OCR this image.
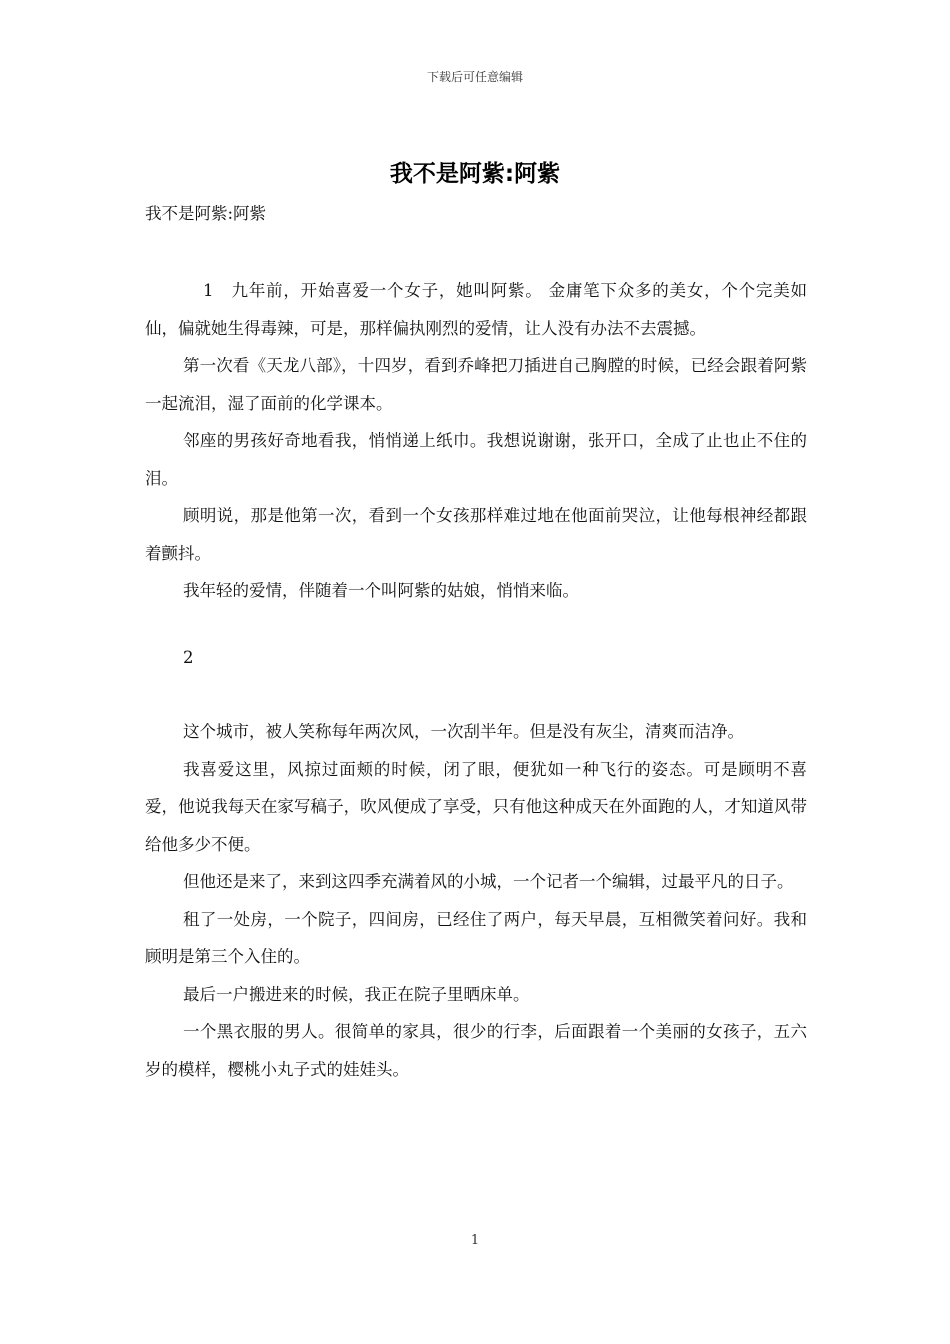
下载后可任意编辑
我不是阿紫:阿紫
我不是阿紫:阿紫

1　九年前，开始喜爱一个女子，她叫阿紫。 金庸笔下众多的美女，个个完美如仙，偏就她生得毒辣，可是，那样偏执刚烈的爱情，让人没有办法不去震撼。

第一次看《天龙八部》，十四岁，看到乔峰把刀插进自己胸膛的时候，已经会跟着阿紫一起流泪，湿了面前的化学课本。

邻座的男孩好奇地看我，悄悄递上纸巾。我想说谢谢，张开口，全成了止也止不住的泪。

顾明说，那是他第一次，看到一个女孩那样难过地在他面前哭泣，让他每根神经都跟着颤抖。

我年轻的爱情，伴随着一个叫阿紫的姑娘，悄悄来临。

2

这个城市，被人笑称每年两次风，一次刮半年。但是没有灰尘，清爽而洁净。

我喜爱这里，风掠过面颊的时候，闭了眼，便犹如一种飞行的姿态。可是顾明不喜爱，他说我每天在家写稿子，吹风便成了享受，只有他这种成天在外面跑的人，才知道风带给他多少不便。

但他还是来了，来到这四季充满着风的小城，一个记者一个编辑，过最平凡的日子。

租了一处房，一个院子，四间房，已经住了两户，每天早晨，互相微笑着问好。我和顾明是第三个入住的。

最后一户搬进来的时候，我正在院子里晒床单。

一个黑衣服的男人。很简单的家具，很少的行李，后面跟着一个美丽的女孩子，五六岁的模样，樱桃小丸子式的娃娃头。

1
